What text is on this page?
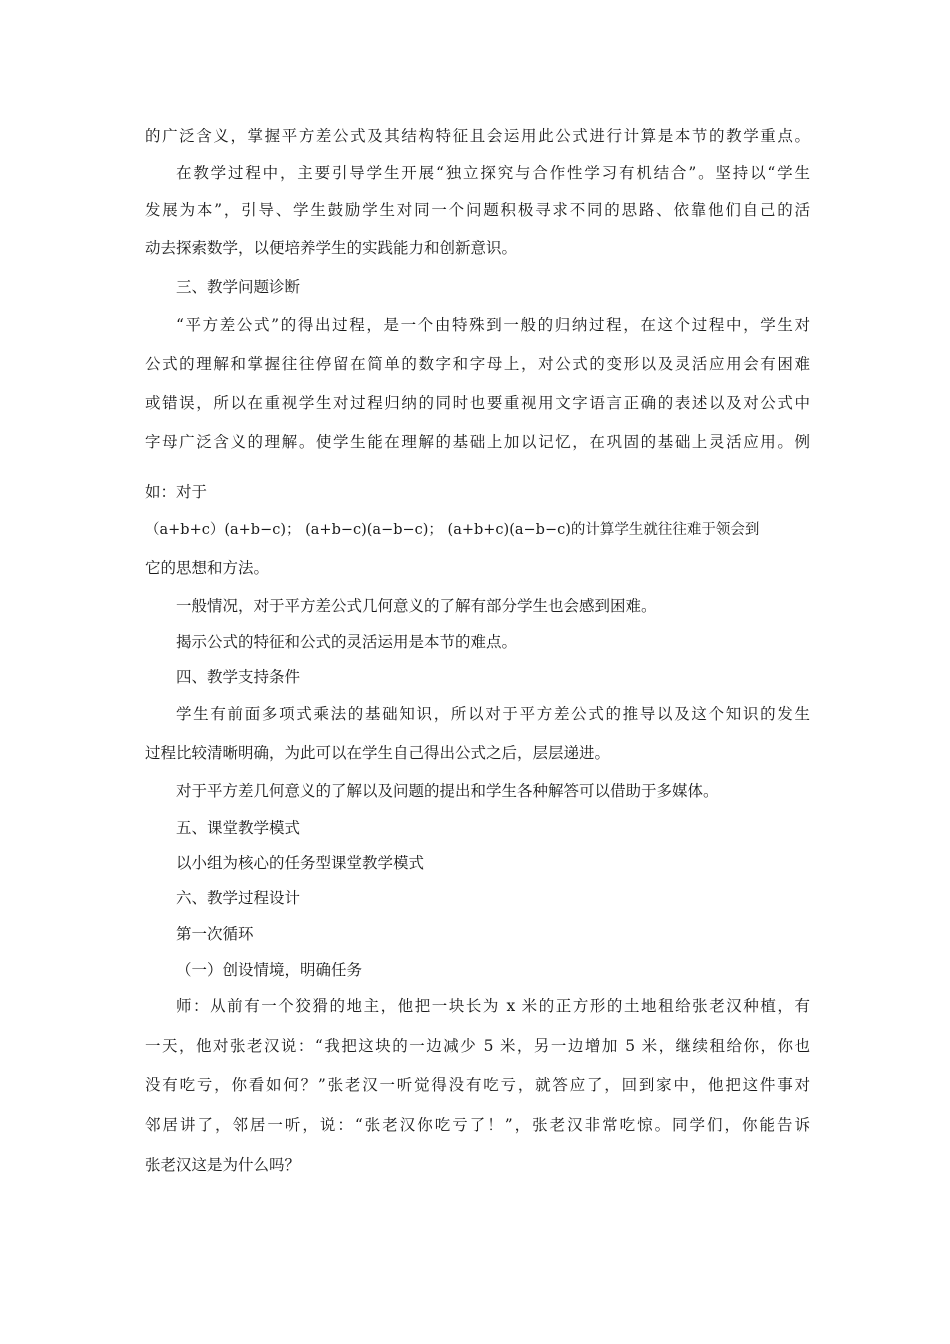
的广泛含义，掌握平方差公式及其结构特征且会运用此公式进行计算是本节的教学重点。
在教学过程中，主要引导学生开展“独立探究与合作性学习有机结合”。坚持以“学生
发展为本”，引导、学生鼓励学生对同一个问题积极寻求不同的思路、依靠他们自己的活
动去探索数学，以便培养学生的实践能力和创新意识。
三、教学问题诊断
“平方差公式”的得出过程，是一个由特殊到一般的归纳过程，在这个过程中，学生对
公式的理解和掌握往往停留在简单的数字和字母上，对公式的变形以及灵活应用会有困难
或错误，所以在重视学生对过程归纳的同时也要重视用文字语言正确的表述以及对公式中
字母广泛含义的理解。使学生能在理解的基础上加以记忆，在巩固的基础上灵活应用。例
如：对于
（a+b+c）(a+b−c)； (a+b−c)(a−b−c)； (a+b+c)(a−b−c)的计算学生就往往难于领会到
它的思想和方法。
一般情况，对于平方差公式几何意义的了解有部分学生也会感到困难。
揭示公式的特征和公式的灵活运用是本节的难点。
四、教学支持条件
学生有前面多项式乘法的基础知识，所以对于平方差公式的推导以及这个知识的发生
过程比较清晰明确，为此可以在学生自己得出公式之后，层层递进。
对于平方差几何意义的了解以及问题的提出和学生各种解答可以借助于多媒体。
五、课堂教学模式
以小组为核心的任务型课堂教学模式
六、教学过程设计
第一次循环
（一）创设情境，明确任务
师：从前有一个狡猾的地主，他把一块长为 x 米的正方形的土地租给张老汉种植，有
一天，他对张老汉说：“我把这块的一边减少 5 米，另一边增加 5 米，继续租给你，你也
没有吃亏，你看如何？”张老汉一听觉得没有吃亏，就答应了，回到家中，他把这件事对
邻居讲了，邻居一听，说：“张老汉你吃亏了！”，张老汉非常吃惊。同学们，你能告诉
张老汉这是为什么吗？
